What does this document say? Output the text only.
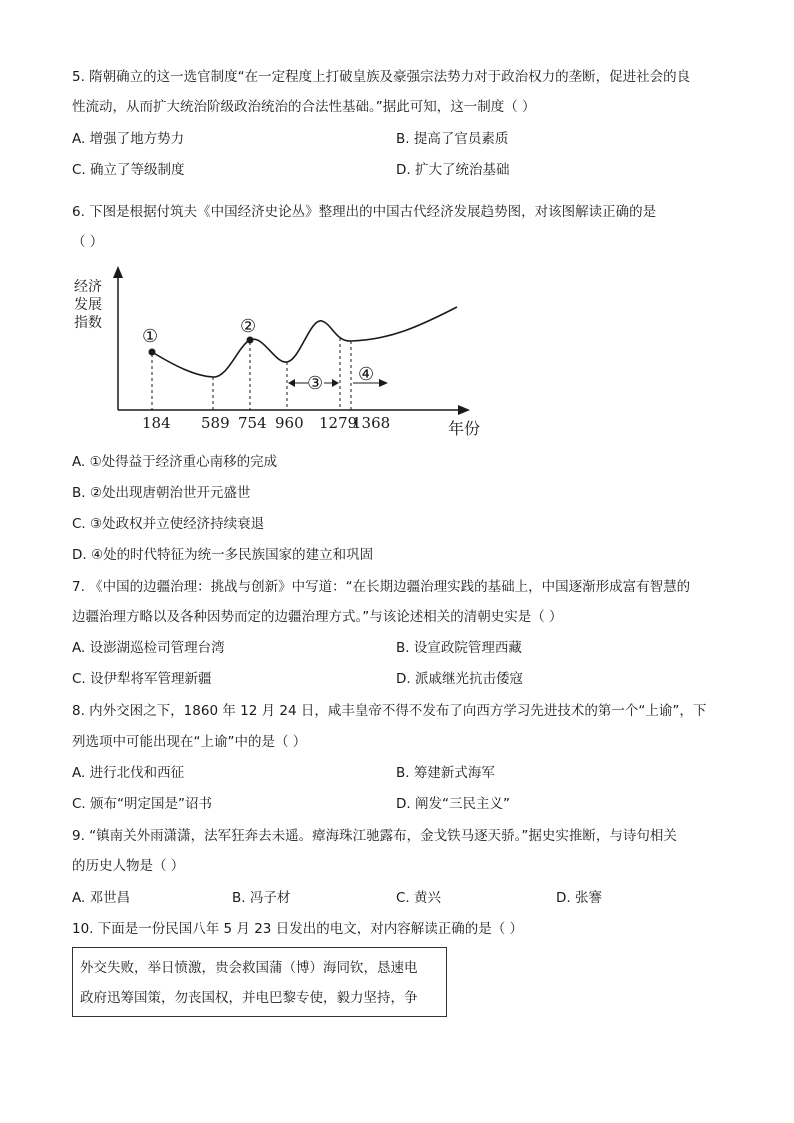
5. 隋朝确立的这一选官制度“在一定程度上打破皇族及豪强宗法势力对于政治权力的垄断，促进社会的良
性流动，从而扩大统治阶级政治统治的合法性基础。”据此可知，这一制度（ ）
A. 增强了地方势力	B. 提高了官员素质
C. 确立了等级制度	D. 扩大了统治基础
6. 下图是根据付筑夫《中国经济史论丛》整理出的中国古代经济发展趋势图，对该图解读正确的是
（ ）
经济
发展
指数
①	②
③ ④
184 589 754 960 1279
1368	年份
A. ①处得益于经济重心南移的完成
B. ②处出现唐朝治世开元盛世
C. ③处政权并立使经济持续衰退
D. ④处的时代特征为统一多民族国家的建立和巩固
7. 《中国的边疆治理：挑战与创新》中写道：“在长期边疆治理实践的基础上，中国逐渐形成富有智慧的
边疆治理方略以及各种因势而定的边疆治理方式。”与该论述相关的清朝史实是（ ）
A. 设澎湖巡检司管理台湾	B. 设宣政院管理西藏
C. 设伊犁将军管理新疆	D. 派戚继光抗击倭寇
8. 内外交困之下，1860 年 12 月 24 日，咸丰皇帝不得不发布了向西方学习先进技术的第一个“上谕”，下
列选项中可能出现在“上谕”中的是（ ）
A. 进行北伐和西征	B. 筹建新式海军
C. 颁布“明定国是”诏书	D. 阐发“三民主义”
9. “镇南关外雨潇潇，法军狂奔去未遥。瘴海珠江驰露布，金戈铁马逐天骄。”据史实推断，与诗句相关
的历史人物是（ ）
A. 邓世昌	B. 冯子材	C. 黄兴	D. 张謇
10. 下面是一份民国八年 5 月 23 日发出的电文，对内容解读正确的是（ ）
外交失败，举日愤激，贵会救国蒲（博）海同钦，恳速电
政府迅筹国策，勿丧国权，并电巴黎专使，毅力坚持，争
